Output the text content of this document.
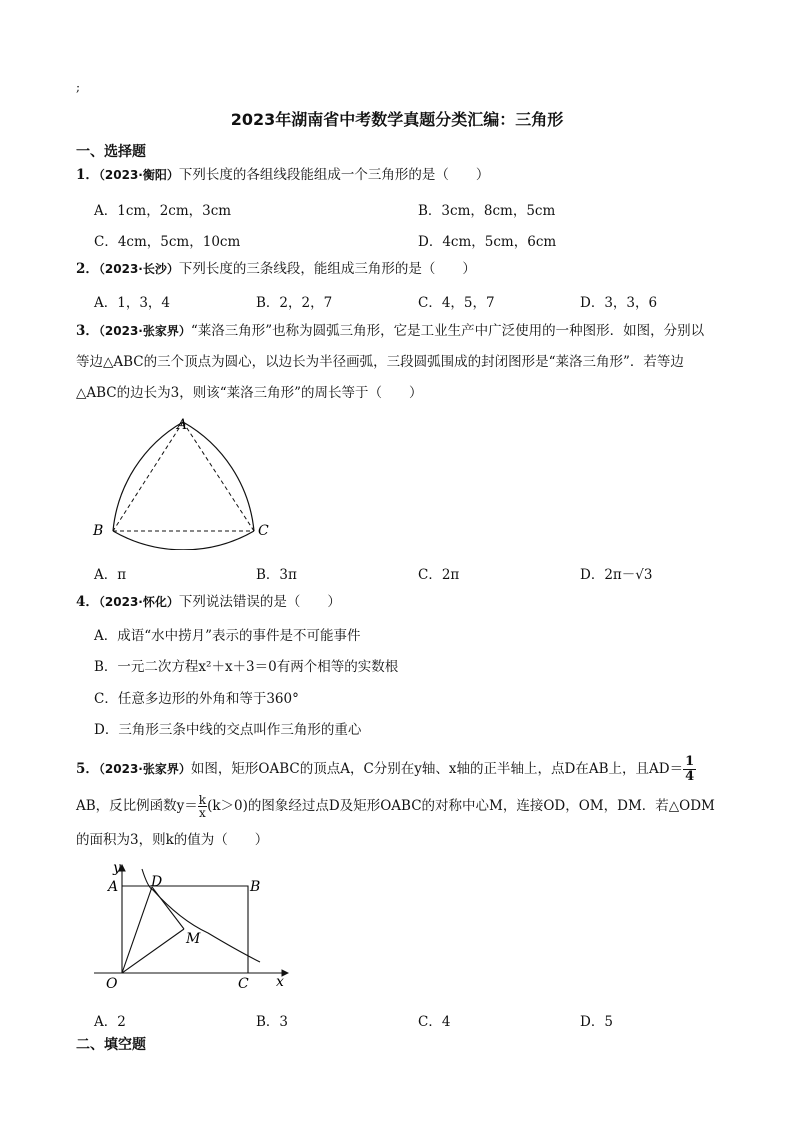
;
2023年湖南省中考数学真题分类汇编：三角形
一、选择题
1．（2023·衡阳）下列长度的各组线段能组成一个三角形的是（　　）
A．1cm，2cm，3cm	B．3cm，8cm，5cm
C．4cm，5cm，10cm	D．4cm，5cm，6cm
2．（2023·长沙）下列长度的三条线段，能组成三角形的是（　　）
A．1，3，4	B．2，2，7	C．4，5，7	D．3，3，6
3．（2023·张家界）“莱洛三角形”也称为圆弧三角形，它是工业生产中广泛使用的一种图形．如图，分别以
等边△ABC的三个顶点为圆心，以边长为半径画弧，三段圆弧围成的封闭图形是“莱洛三角形”．若等边
△ABC的边长为3，则该“莱洛三角形”的周长等于（　　）
A
B	C
A．π	B．3π	C．2π	D．2π－√3
4．（2023·怀化）下列说法错误的是（　　）
A．成语“水中捞月”表示的事件是不可能事件
B．一元二次方程x²＋x＋3＝0有两个相等的实数根
C．任意多边形的外角和等于360°
D．三角形三条中线的交点叫作三角形的重心
5．（2023·张家界）如图，矩形OABC的顶点A，C分别在y轴、x轴的正半轴上，点D在AB上，且$AD= \frac{1}{4}$
AB，反比例函数$y= \frac{k}{x} (k>0)$的图象经过点D及矩形OABC的对称中心M，连接OD，OM，DM．若△ODM
的面积为3，则k的值为（　　）
y
x
A	B
C
D
M
O
A．2	B．3	C．4	D．5
二、填空题
